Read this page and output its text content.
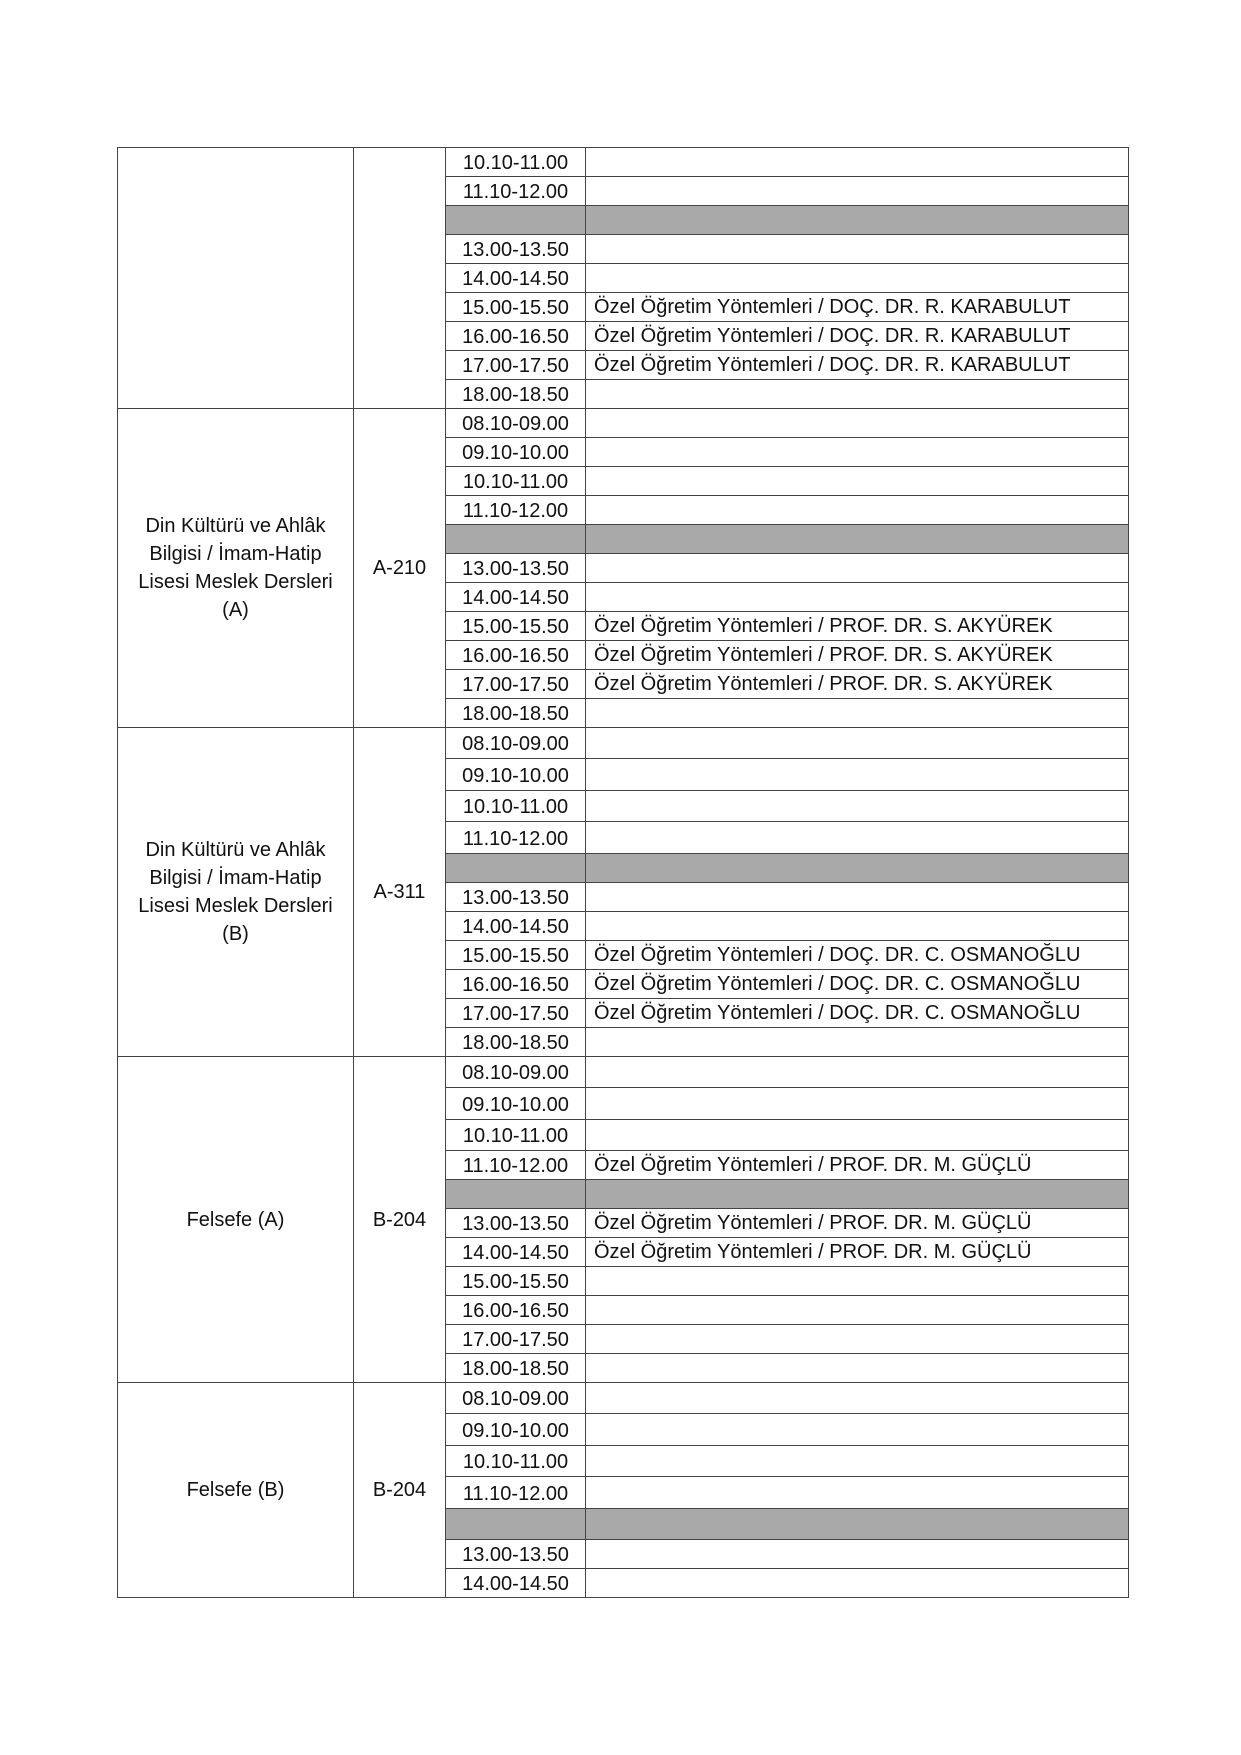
		10.10-11.00	
		11.10-12.00	

		13.00-13.50	
		14.00-14.50	
		15.00-15.50	Özel Öğretim Yöntemleri / DOÇ. DR. R. KARABULUT
		16.00-16.50	Özel Öğretim Yöntemleri / DOÇ. DR. R. KARABULUT
		17.00-17.50	Özel Öğretim Yöntemleri / DOÇ. DR. R. KARABULUT
		18.00-18.50	
Din Kültürü ve Ahlâk Bilgisi / İmam-Hatip Lisesi Meslek Dersleri (A)	A-210	08.10-09.00	
		09.10-10.00	
		10.10-11.00	
		11.10-12.00	

		13.00-13.50	
		14.00-14.50	
		15.00-15.50	Özel Öğretim Yöntemleri / PROF. DR. S. AKYÜREK
		16.00-16.50	Özel Öğretim Yöntemleri / PROF. DR. S. AKYÜREK
		17.00-17.50	Özel Öğretim Yöntemleri / PROF. DR. S. AKYÜREK
		18.00-18.50	
Din Kültürü ve Ahlâk Bilgisi / İmam-Hatip Lisesi Meslek Dersleri (B)	A-311	08.10-09.00	
		09.10-10.00	
		10.10-11.00	
		11.10-12.00	

		13.00-13.50	
		14.00-14.50	
		15.00-15.50	Özel Öğretim Yöntemleri / DOÇ. DR. C. OSMANOĞLU
		16.00-16.50	Özel Öğretim Yöntemleri / DOÇ. DR. C. OSMANOĞLU
		17.00-17.50	Özel Öğretim Yöntemleri / DOÇ. DR. C. OSMANOĞLU
		18.00-18.50	
Felsefe (A)	B-204	08.10-09.00	
		09.10-10.00	
		10.10-11.00	
		11.10-12.00	Özel Öğretim Yöntemleri / PROF. DR. M. GÜÇLÜ

		13.00-13.50	Özel Öğretim Yöntemleri / PROF. DR. M. GÜÇLÜ
		14.00-14.50	Özel Öğretim Yöntemleri / PROF. DR. M. GÜÇLÜ
		15.00-15.50	
		16.00-16.50	
		17.00-17.50	
		18.00-18.50	
Felsefe (B)	B-204	08.10-09.00	
		09.10-10.00	
		10.10-11.00	
		11.10-12.00	

		13.00-13.50	
		14.00-14.50	
